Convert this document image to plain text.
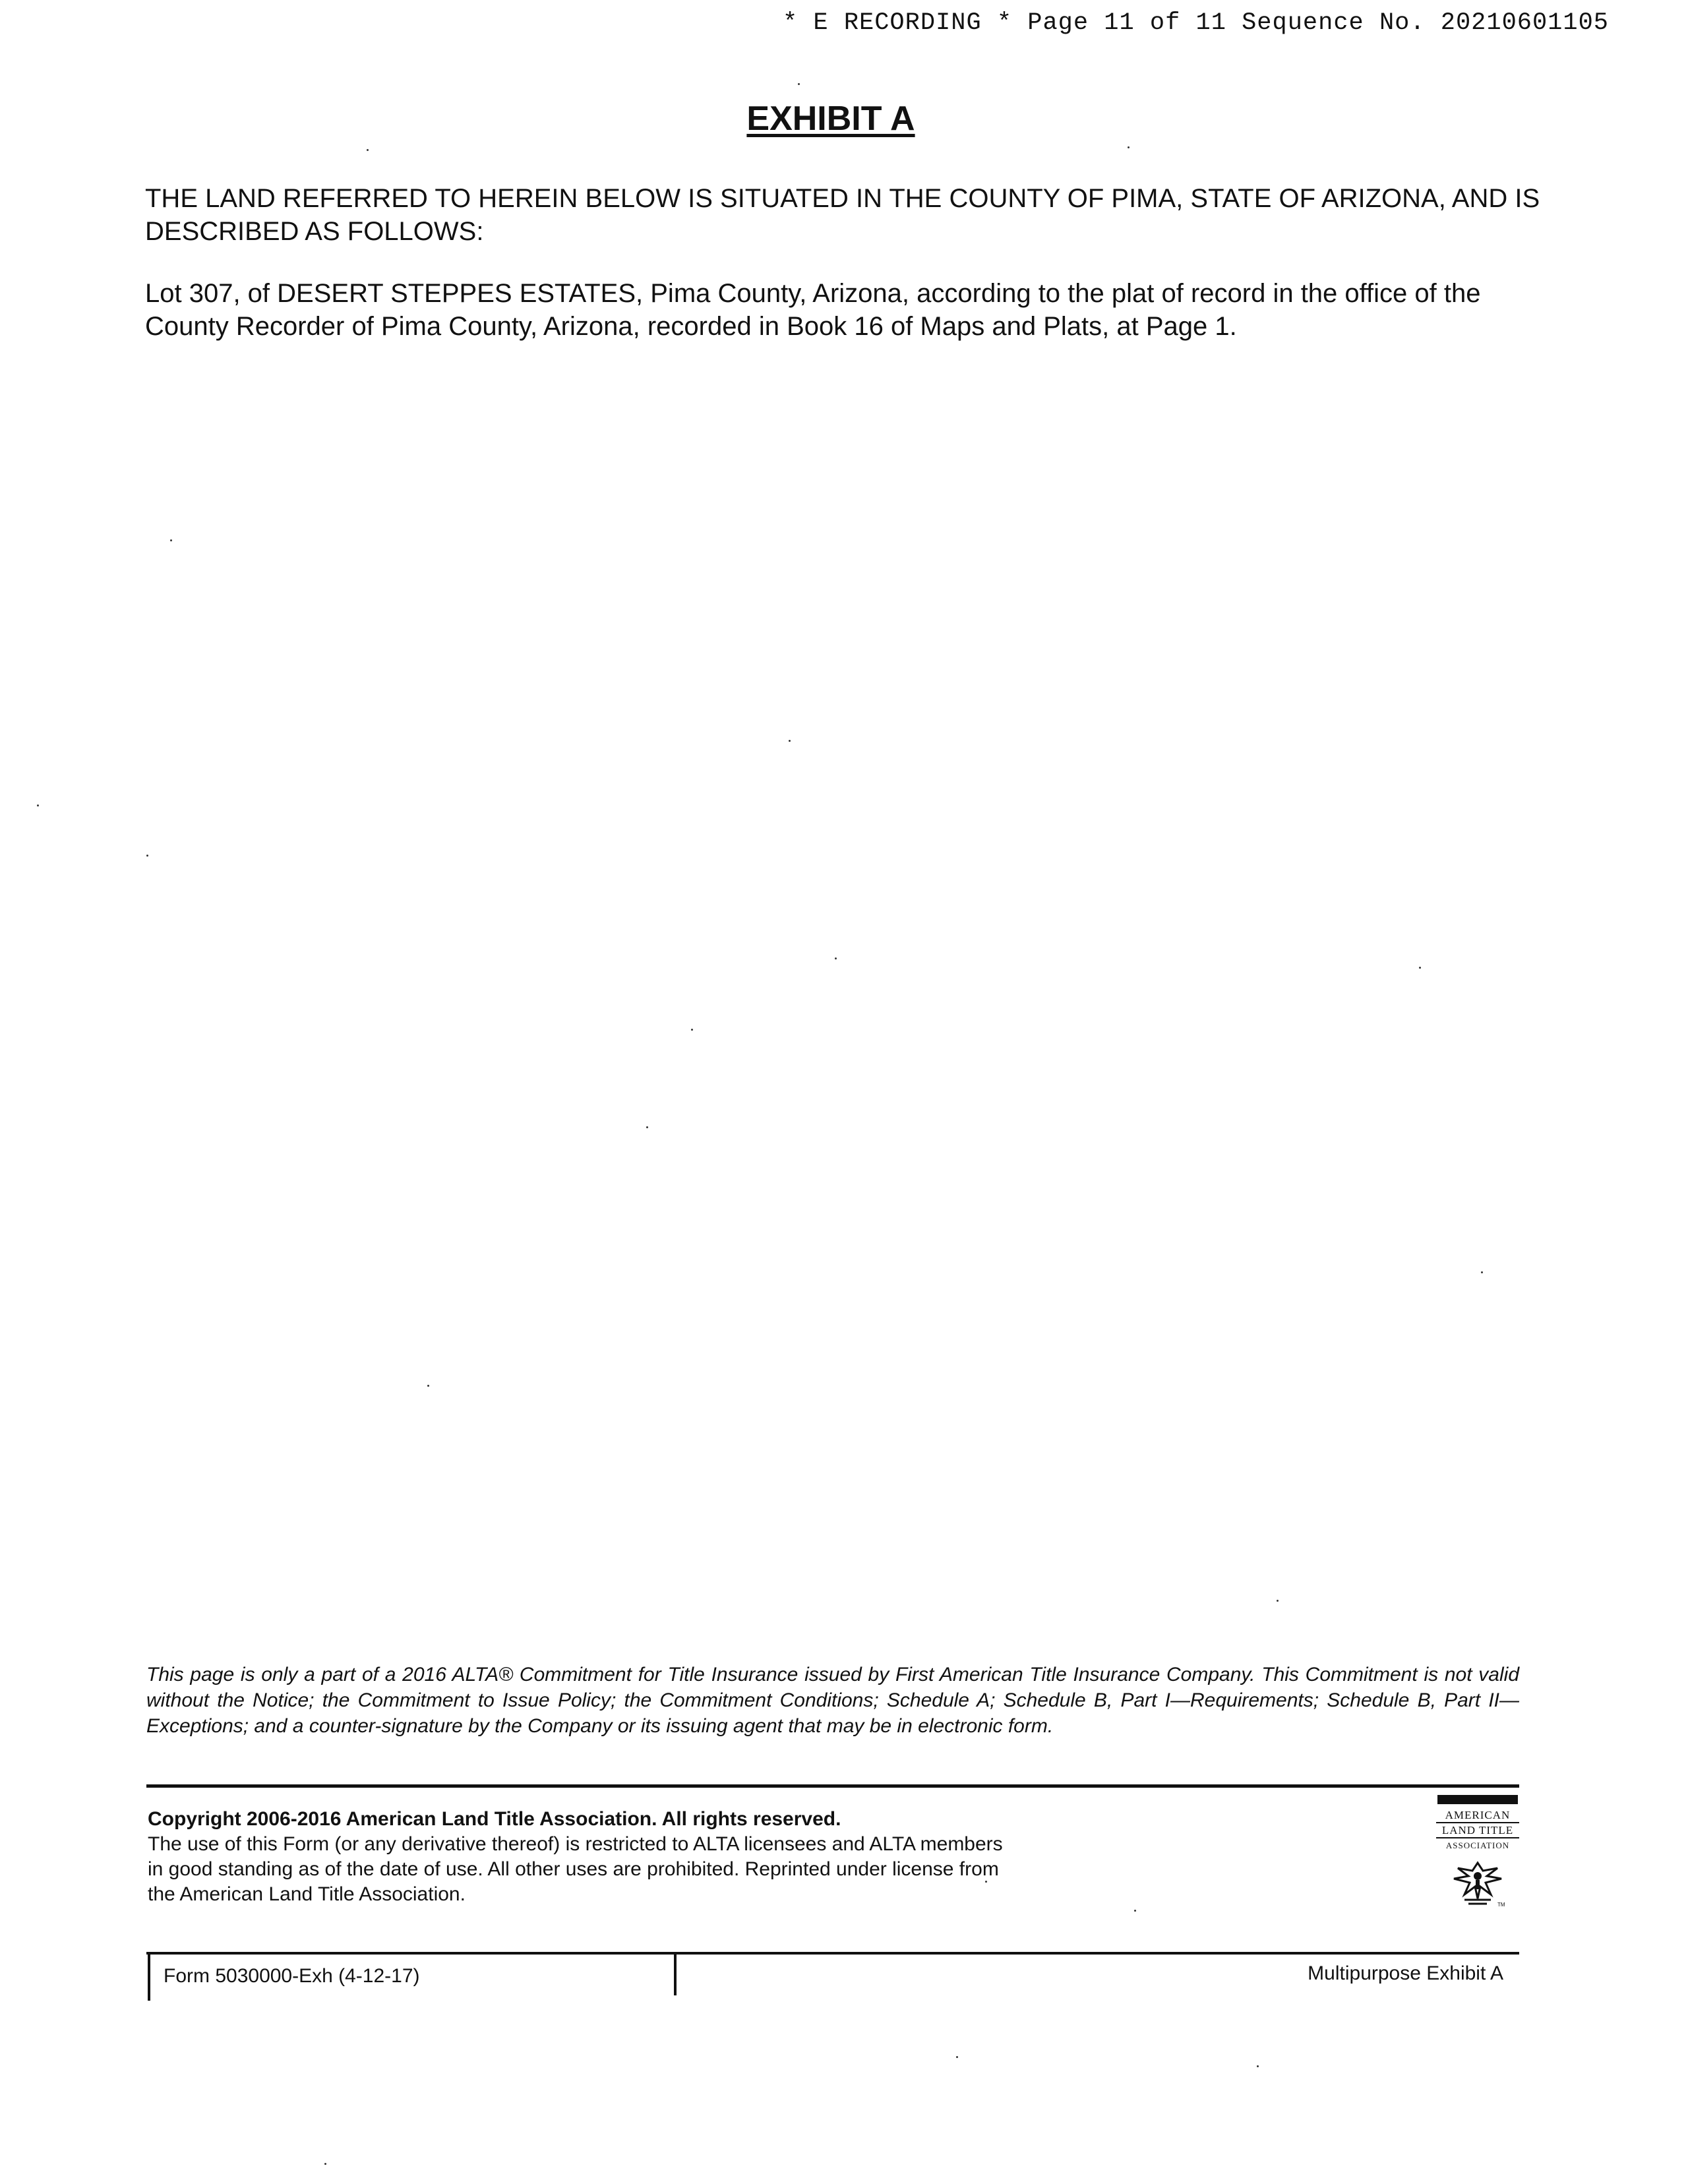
* E RECORDING * Page 11 of 11 Sequence No. 20210601105
EXHIBIT A
THE LAND REFERRED TO HEREIN BELOW IS SITUATED IN THE COUNTY OF PIMA, STATE OF ARIZONA, AND IS DESCRIBED AS FOLLOWS:
Lot 307, of DESERT STEPPES ESTATES, Pima County, Arizona, according to the plat of record in the office of the County Recorder of Pima County, Arizona, recorded in Book 16 of Maps and Plats, at Page 1.
This page is only a part of a 2016 ALTA® Commitment for Title Insurance issued by First American Title Insurance Company. This Commitment is not valid without the Notice; the Commitment to Issue Policy; the Commitment Conditions; Schedule A; Schedule B, Part I—Requirements; Schedule B, Part II—Exceptions; and a counter-signature by the Company or its issuing agent that may be in electronic form.
Copyright 2006-2016 American Land Title Association. All rights reserved.
The use of this Form (or any derivative thereof) is restricted to ALTA licensees and ALTA members in good standing as of the date of use. All other uses are prohibited. Reprinted under license from the American Land Title Association.
AMERICAN
LAND TITLE
ASSOCIATION
TM
Form 5030000-Exh (4-12-17)	Multipurpose Exhibit A
